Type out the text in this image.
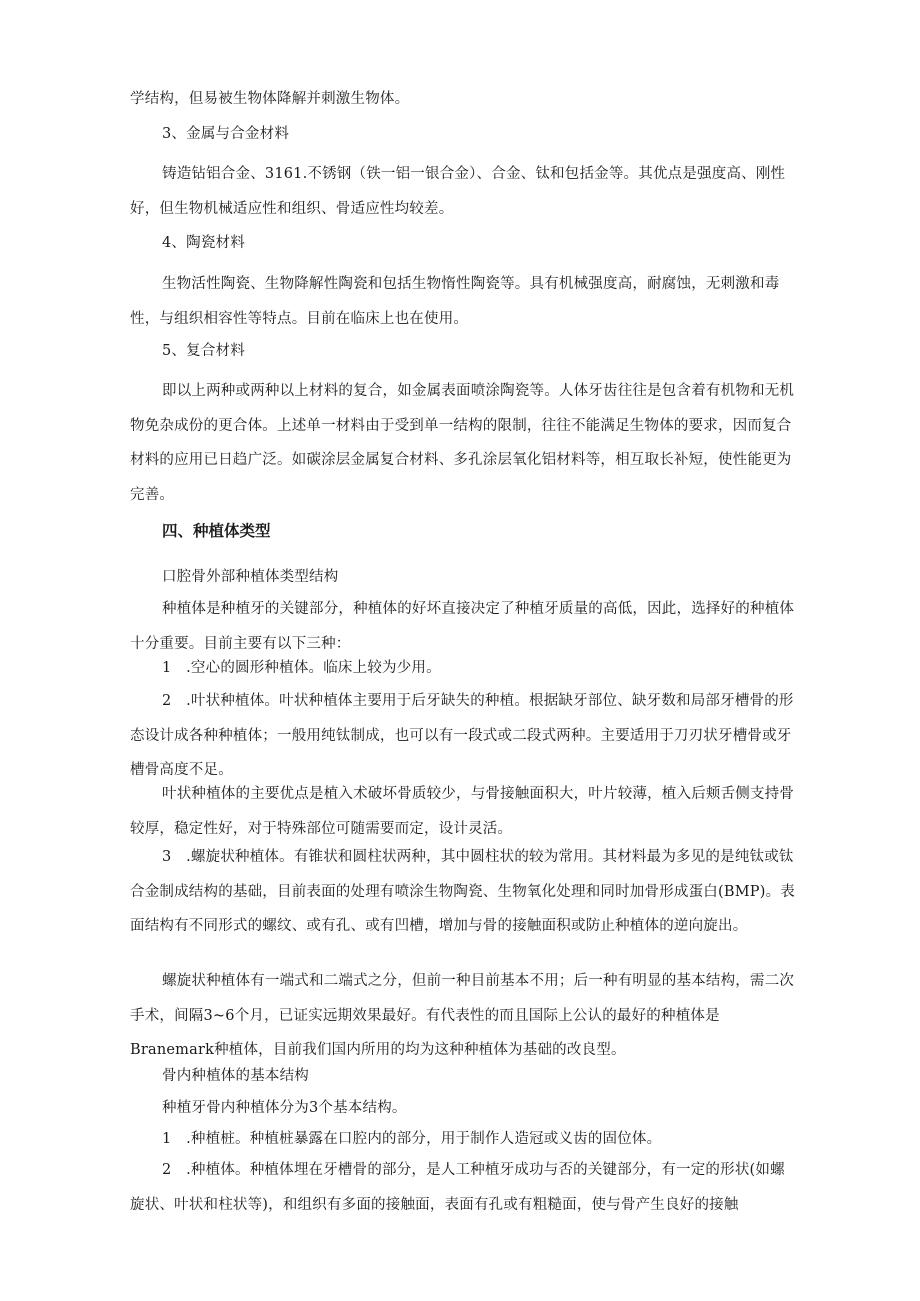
学结构，但易被生物体降解并刺激生物体。

3、金属与合金材料

铸造钻铝合金、3161.不锈钢（铁一铝一银合金）、合金、钛和包括金等。其优点是强度高、刚性好，但生物机械适应性和组织、骨适应性均较差。

4、陶瓷材料

生物活性陶瓷、生物降解性陶瓷和包括生物惰性陶瓷等。具有机械强度高，耐腐蚀，无刺激和毒性，与组织相容性等特点。目前在临床上也在使用。

5、复合材料

即以上两种或两种以上材料的复合，如金属表面喷涂陶瓷等。人体牙齿往往是包含着有机物和无机物免杂成份的更合体。上述单一材料由于受到单一结构的限制，往往不能满足生物体的要求，因而复合材料的应用已日趋广泛。如碳涂层金属复合材料、多孔涂层氧化铝材料等，相互取长补短，使性能更为完善。

四、种植体类型

口腔骨外部种植体类型结构

种植体是种植牙的关键部分，种植体的好坏直接决定了种植牙质量的高低，因此，选择好的种植体十分重要。目前主要有以下三种：

1　.空心的圆形种植体。临床上较为少用。

2　.叶状种植体。叶状种植体主要用于后牙缺失的种植。根据缺牙部位、缺牙数和局部牙槽骨的形态设计成各种种植体；一般用纯钛制成，也可以有一段式或二段式两种。主要适用于刀刃状牙槽骨或牙槽骨高度不足。

叶状种植体的主要优点是植入术破坏骨质较少，与骨接触面积大，叶片较薄，植入后颊舌侧支持骨较厚，稳定性好，对于特殊部位可随需要而定，设计灵活。

3　.螺旋状种植体。有锥状和圆柱状两种，其中圆柱状的较为常用。其材料最为多见的是纯钛或钛合金制成结构的基础，目前表面的处理有喷涂生物陶瓷、生物氧化处理和同时加骨形成蛋白(BMP)。表面结构有不同形式的螺纹、或有孔、或有凹槽，增加与骨的接触面积或防止种植体的逆向旋出。

螺旋状种植体有一端式和二端式之分，但前一种目前基本不用；后一种有明显的基本结构，需二次手术，间隔3~6个月，已证实远期效果最好。有代表性的而且国际上公认的最好的种植体是Branemark种植体，目前我们国内所用的均为这种种植体为基础的改良型。

骨内种植体的基本结构

种植牙骨内种植体分为3个基本结构。

1　.种植桩。种植桩暴露在口腔内的部分，用于制作人造冠或义齿的固位体。

2　.种植体。种植体埋在牙槽骨的部分，是人工种植牙成功与否的关键部分，有一定的形状(如螺旋状、叶状和柱状等)，和组织有多面的接触面，表面有孔或有粗糙面，使与骨产生良好的接触
